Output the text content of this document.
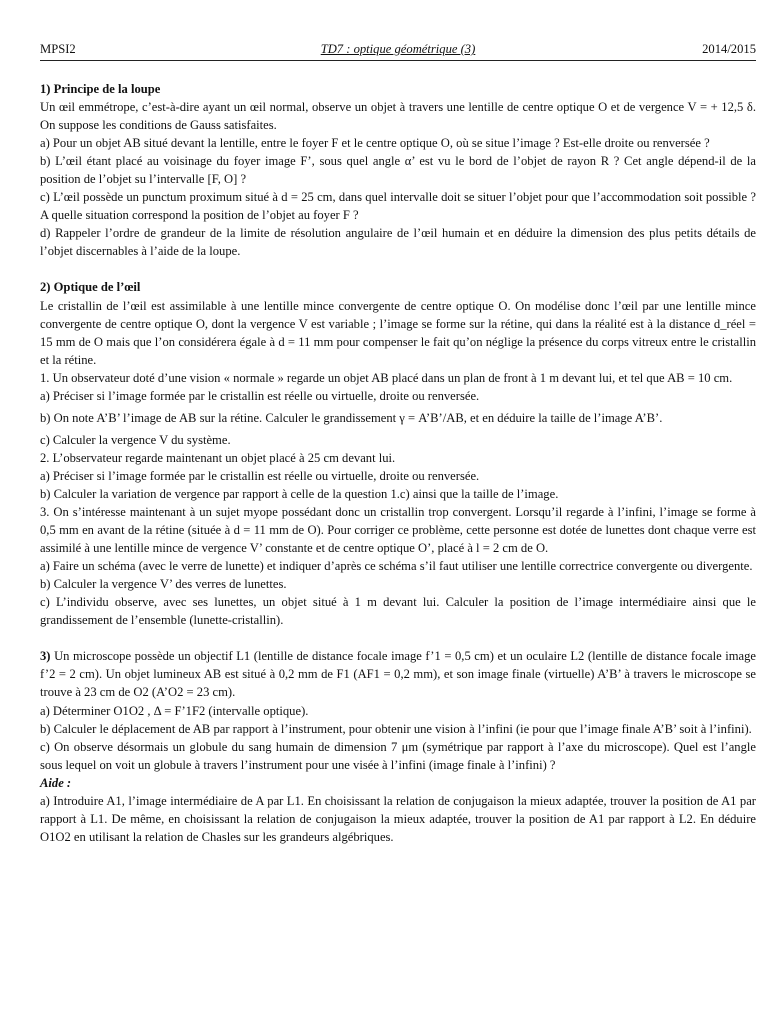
MPSI2	TD7 : optique géométrique (3)	2014/2015

1) Principe de la loupe

Un œil emmétrope, c’est-à-dire ayant un œil normal, observe un objet à travers une lentille de centre optique O et de vergence V = + 12,5 δ. On suppose les conditions de Gauss satisfaites.

a) Pour un objet AB situé devant la lentille, entre le foyer F et le centre optique O, où se situe l’image ? Est-elle droite ou renversée ?

b) L’œil étant placé au voisinage du foyer image F’, sous quel angle α’ est vu le bord de l’objet de rayon R ? Cet angle dépend-il de la position de l’objet su l’intervalle [F, O] ?

c) L’œil possède un punctum proximum situé à d = 25 cm, dans quel intervalle doit se situer l’objet pour que l’accommodation soit possible ? A quelle situation correspond la position de l’objet au foyer F ?

d) Rappeler l’ordre de grandeur de la limite de résolution angulaire de l’œil humain et en déduire la dimension des plus petits détails de l’objet discernables à l’aide de la loupe.

2) Optique de l’œil

Le cristallin de l’œil est assimilable à une lentille mince convergente de centre optique O. On modélise donc l’œil par une lentille mince convergente de centre optique O, dont la vergence V est variable ; l’image se forme sur la rétine, qui dans la réalité est à la distance d_réel = 15 mm de O mais que l’on considérera égale à d = 11 mm pour compenser le fait qu’on néglige la présence du corps vitreux entre le cristallin et la rétine.

1. Un observateur doté d’une vision « normale » regarde un objet AB placé dans un plan de front à 1 m devant lui, et tel que AB = 10 cm.

a) Préciser si l’image formée par le cristallin est réelle ou virtuelle, droite ou renversée.

b) On note A’B’ l’image de AB sur la rétine. Calculer le grandissement γ = A’B’/AB, et en déduire la taille de l’image A’B’.

c) Calculer la vergence V du système.

2. L’observateur regarde maintenant un objet placé à 25 cm devant lui.

a) Préciser si l’image formée par le cristallin est réelle ou virtuelle, droite ou renversée.

b) Calculer la variation de vergence par rapport à celle de la question 1.c) ainsi que la taille de l’image.

3. On s’intéresse maintenant à un sujet myope possédant donc un cristallin trop convergent. Lorsqu’il regarde à l’infini, l’image se forme à 0,5 mm en avant de la rétine (située à d = 11 mm de O). Pour corriger ce problème, cette personne est dotée de lunettes dont chaque verre est assimilé à une lentille mince de vergence V’ constante et de centre optique O’, placé à l = 2 cm de O.

a) Faire un schéma (avec le verre de lunette) et indiquer d’après ce schéma s’il faut utiliser une lentille correctrice convergente ou divergente.

b) Calculer la vergence V’ des verres de lunettes.

c) L’individu observe, avec ses lunettes, un objet situé à 1 m devant lui. Calculer la position de l’image intermédiaire ainsi que le grandissement de l’ensemble (lunette-cristallin).

3) Un microscope possède un objectif L1 (lentille de distance focale image f’1 = 0,5 cm) et un oculaire L2 (lentille de distance focale image f’2 = 2 cm). Un objet lumineux AB est situé à 0,2 mm de F1 (AF1 = 0,2 mm), et son image finale (virtuelle) A’B’ à travers le microscope se trouve à 23 cm de O2 (A’O2 = 23 cm).

a) Déterminer O1O2 , Δ = F’1F2 (intervalle optique).

b) Calculer le déplacement de AB par rapport à l’instrument, pour obtenir une vision à l’infini (ie pour que l’image finale A’B’ soit à l’infini).

c) On observe désormais un globule du sang humain de dimension 7 μm (symétrique par rapport à l’axe du microscope). Quel est l’angle sous lequel on voit un globule à travers l’instrument pour une visée à l’infini (image finale à l’infini) ?

Aide :

a) Introduire A1, l’image intermédiaire de A par L1. En choisissant la relation de conjugaison la mieux adaptée, trouver la position de A1 par rapport à L1. De même, en choisissant la relation de conjugaison la mieux adaptée, trouver la position de A1 par rapport à L2. En déduire O1O2 en utilisant la relation de Chasles sur les grandeurs algébriques.
